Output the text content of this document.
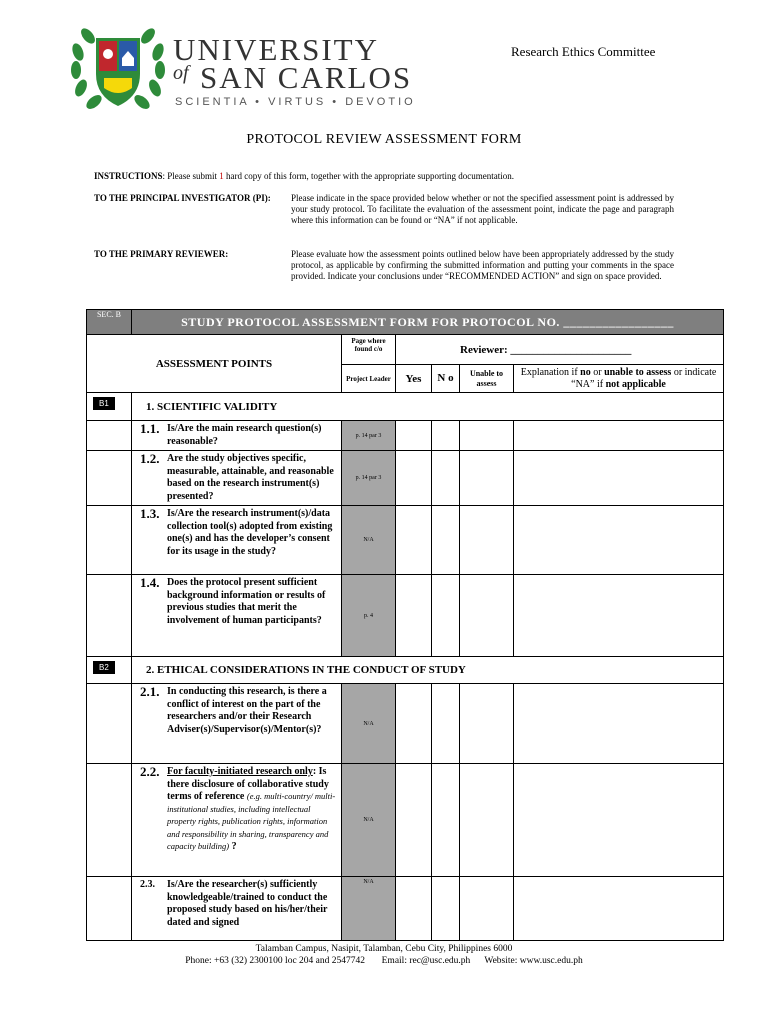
UNIVERSITY
of SAN CARLOS
SCIENTIA • VIRTUS • DEVOTIO
Research Ethics Committee
PROTOCOL REVIEW ASSESSMENT FORM
INSTRUCTIONS: Please submit 1 hard copy of this form, together with the appropriate supporting documentation.
TO THE PRINCIPAL INVESTIGATOR (PI):	Please indicate in the space provided below whether or not the specified assessment point is addressed by your study protocol. To facilitate the evaluation of the assessment point, indicate the page and paragraph where this information can be found or “NA” if not applicable.
TO THE PRIMARY REVIEWER:	Please evaluate how the assessment points outlined below have been appropriately addressed by the study protocol, as applicable by confirming the submitted information and putting your comments in the space provided. Indicate your conclusions under “RECOMMENDED ACTION” and sign on space provided.
SEC. B	STUDY PROTOCOL ASSESSMENT FORM FOR PROTOCOL NO. _________________					
ASSESSMENT POINTS		Page where found c/o	Reviewer: ______________________			
		Project Leader	Yes	N o	Unable to assess	Explanation if no or unable to assess or indicate “NA” if not applicable
B1	1. SCIENTIFIC VALIDITY					

	1.1. Is/Are the main research question(s) reasonable?	p. 14 par 3				

	1.2. Are the study objectives specific, measurable, attainable, and reasonable based on the research instrument(s) presented?	p. 14 par 3				

	1.3. Is/Are the research instrument(s)/data collection tool(s) adopted from existing one(s) and has the developer’s consent for its usage in the study?	N/A				

	1.4. Does the protocol present sufficient background information or results of previous studies that merit the involvement of human participants?	p. 4				
B2	2. ETHICAL CONSIDERATIONS IN THE CONDUCT OF STUDY					

	2.1. In conducting this research, is there a conflict of interest on the part of the researchers and/or their Research Adviser(s)/Supervisor(s)/Mentor(s)?	N/A				

	2.2. For faculty-initiated research only: Is there disclosure of collaborative study terms of reference (e.g. multi-country/ multi-institutional studies, including intellectual property rights, publication rights, information and responsibility in sharing, transparency and capacity building) ?	N/A				

	2.3. Is/Are the researcher(s) sufficiently knowledgeable/trained to conduct the proposed study based on his/her/their dated and signed	N/A				
Talamban Campus, Nasipit, Talamban, Cebu City, Philippines 6000
Phone: +63 (32) 2300100 loc 204 and 2547742       Email: rec@usc.edu.ph      Website: www.usc.edu.ph
